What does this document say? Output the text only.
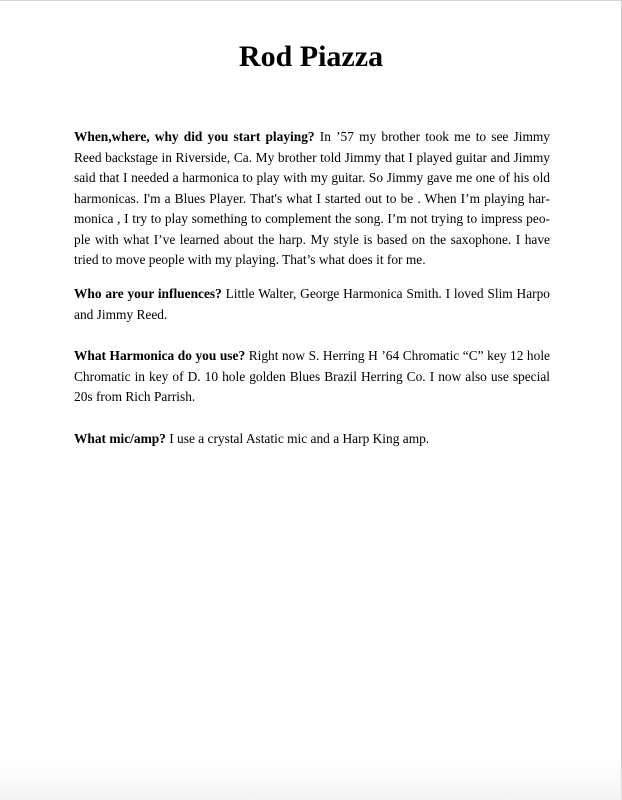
Rod Piazza

When,where, why did you start playing? In ’57 my brother took me to see Jimmy Reed backstage in Riverside, Ca. My brother told Jimmy that I played guitar and Jimmy said that I needed a harmonica to play with my guitar. So Jimmy gave me one of his old harmonicas. I'm a Blues Player. That's what I started out to be . When I’m playing harmonica , I try to play something to complement the song. I’m not trying to impress people with what I’ve learned about the harp. My style is based on the saxophone. I have tried to move people with my playing. That’s what does it for me.

Who are your influences? Little Walter, George Harmonica Smith. I loved Slim Harpo and Jimmy Reed.

What Harmonica do you use? Right now S. Herring H ’64 Chromatic “C” key 12 hole Chromatic in key of D. 10 hole golden Blues Brazil Herring Co. I now also use special 20s from Rich Parrish.

What mic/amp? I use a crystal Astatic mic and a Harp King amp.
